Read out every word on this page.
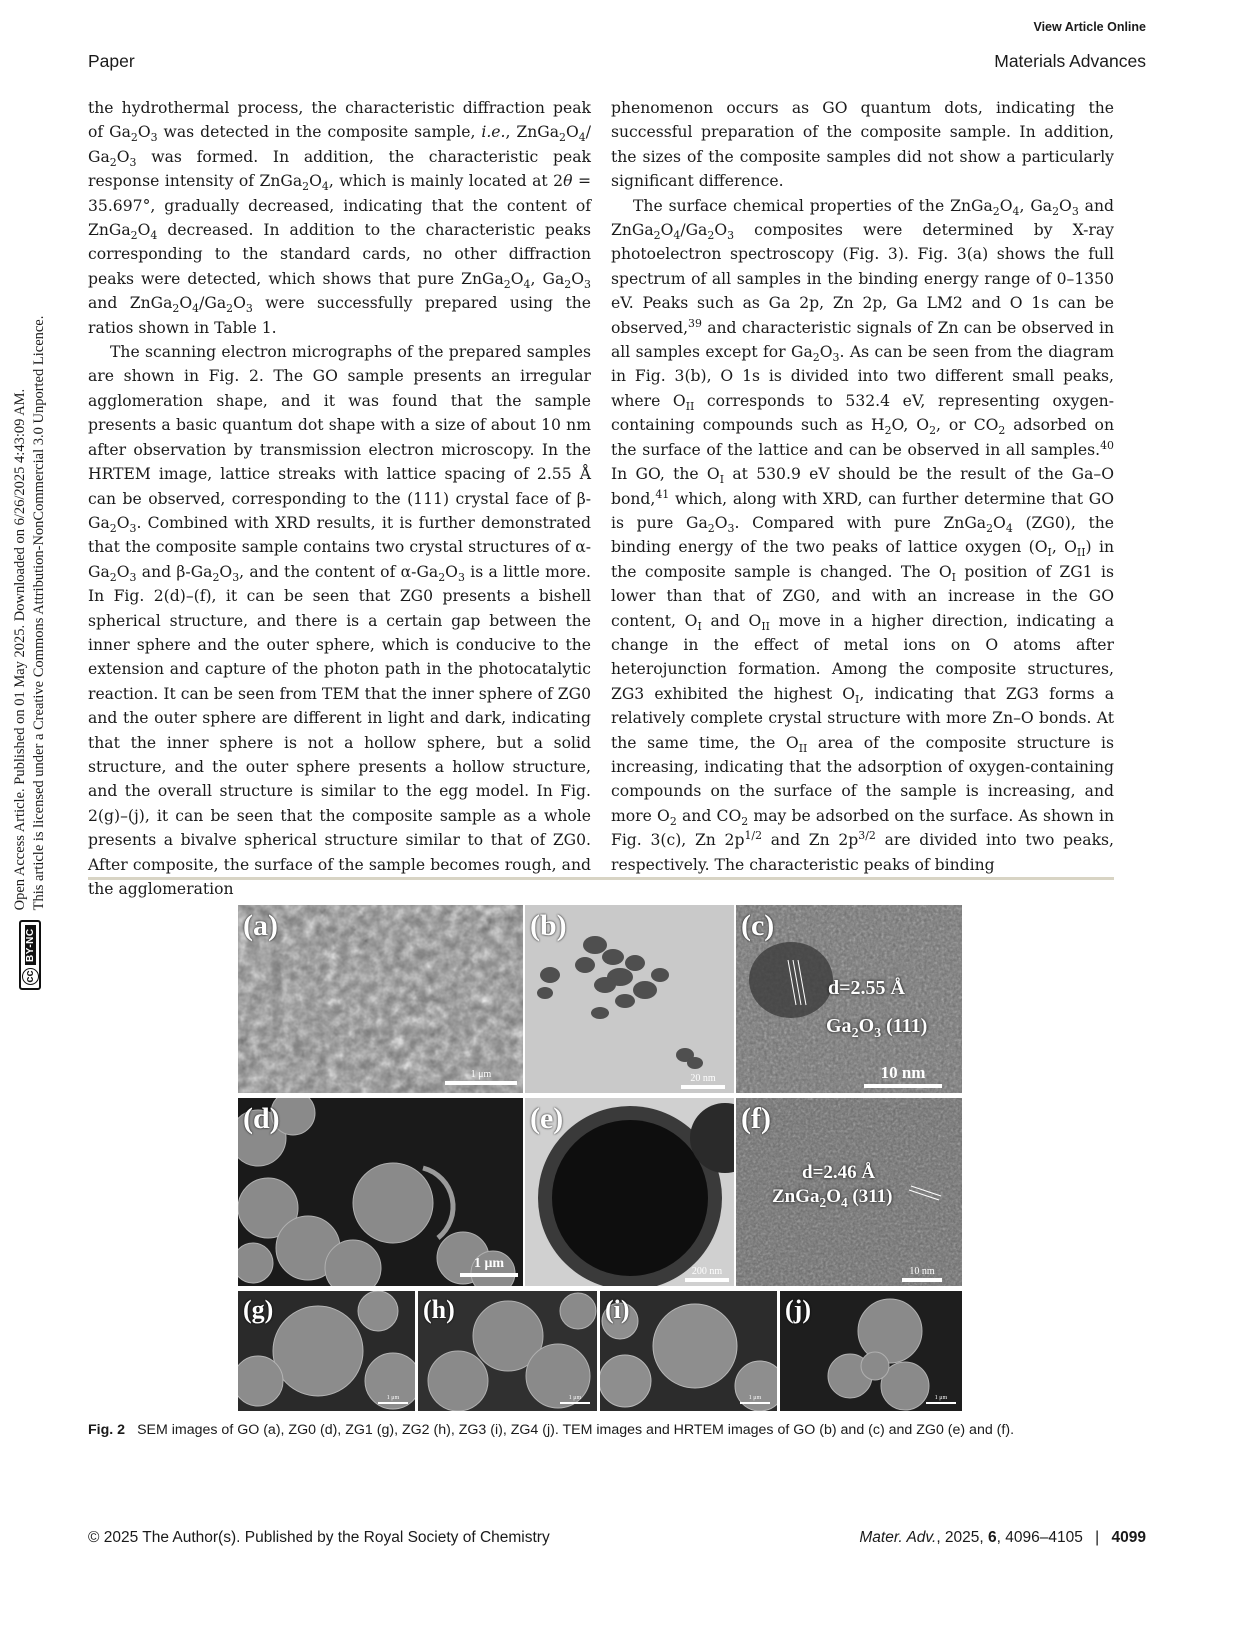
View Article Online
Paper	Materials Advances
cc
BY-NC
Open Access Article. Published on 01 May 2025. Downloaded on 6/26/2025 4:43:09 AM. This article is licensed under a Creative Commons Attribution-NonCommercial 3.0 Unported Licence.

the hydrothermal process, the characteristic diffraction peak of $Ga_2O_3$ was detected in the composite sample, i.e., $ZnGa_2O_4/$ $Ga_2O_3$ was formed. In addition, the characteristic peak response intensity of $ZnGa_2O_4$, which is mainly located at 2θ = 35.697°, gradually decreased, indicating that the content of $ZnGa_2O_4$ decreased. In addition to the characteristic peaks corresponding to the standard cards, no other diffraction peaks were detected, which shows that pure $ZnGa_2O_4$, $Ga_2O_3$ and $ZnGa_2O_4/Ga_2O_3$ were successfully prepared using the ratios shown in Table 1.

The scanning electron micrographs of the prepared samples are shown in Fig. 2. The GO sample presents an irregular agglomeration shape, and it was found that the sample presents a basic quantum dot shape with a size of about 10 nm after observation by transmission electron microscopy. In the HRTEM image, lattice streaks with lattice spacing of 2.55 Å can be observed, corresponding to the (111) crystal face of $\beta-Ga_2O_3$. Combined with XRD results, it is further demonstrated that the composite sample contains two crystal structures of $\alpha-Ga_2O_3$ and $\beta-Ga_2O_3$, and the content of $\alpha-Ga_2O_3$ is a little more. In Fig. 2(d)–(f), it can be seen that ZG0 presents a bishell spherical structure, and there is a certain gap between the inner sphere and the outer sphere, which is conducive to the extension and capture of the photon path in the photocatalytic reaction. It can be seen from TEM that the inner sphere of ZG0 and the outer sphere are different in light and dark, indicating that the inner sphere is not a hollow sphere, but a solid structure, and the outer sphere presents a hollow structure, and the overall structure is similar to the egg model. In Fig. 2(g)–(j), it can be seen that the composite sample as a whole presents a bivalve spherical structure similar to that of ZG0. After composite, the surface of the sample becomes rough, and the agglomeration

phenomenon occurs as GO quantum dots, indicating the successful preparation of the composite sample. In addition, the sizes of the composite samples did not show a particularly significant difference.

The surface chemical properties of the $ZnGa_2O_4$, $Ga_2O_3$ and $ZnGa_2O_4/Ga_2O_3$ composites were determined by X-ray photoelectron spectroscopy (Fig. 3). Fig. 3(a) shows the full spectrum of all samples in the binding energy range of 0–1350 eV. Peaks such as Ga 2p, Zn 2p, Ga LM2 and O 1s can be observed,$^{39}$ and characteristic signals of Zn can be observed in all samples except for $Ga_2O_3$. As can be seen from the diagram in Fig. 3(b), O 1s is divided into two different small peaks, where $O_{II}$ corresponds to 532.4 eV, representing oxygen-containing compounds such as $H_2O$, $O_2$, or $CO_2$ adsorbed on the surface of the lattice and can be observed in all samples.$^{40}$ In GO, the $O_I$ at 530.9 eV should be the result of the Ga–O bond,$^{41}$ which, along with XRD, can further determine that GO is pure $Ga_2O_3$. Compared with pure $ZnGa_2O_4$ (ZG0), the binding energy of the two peaks of lattice oxygen ($O_I$, $O_{II}$) in the composite sample is changed. The $O_I$ position of ZG1 is lower than that of ZG0, and with an increase in the GO content, $O_I$ and $O_{II}$ move in a higher direction, indicating a change in the effect of metal ions on O atoms after heterojunction formation. Among the composite structures, ZG3 exhibited the highest $O_I$, indicating that ZG3 forms a relatively complete crystal structure with more Zn–O bonds. At the same time, the $O_{II}$ area of the composite structure is increasing, indicating that the adsorption of oxygen-containing compounds on the surface of the sample is increasing, and more $O_2$ and $CO_2$ may be adsorbed on the surface. As shown in Fig. 3(c), Zn $2p^{1/2}$ and Zn $2p^{3/2}$ are divided into two peaks, respectively. The characteristic peaks of binding

(a)
1 μm
(b)
20 nm
(c)
d=2.55 Å
$Ga_2O_3$ (111)
10 nm
(d)
1 μm
(e)
200 nm
(f)
d=2.46 Å
$ZnGa_2O_4$ (311)
10 nm
(g)
1 μm
(h)
1 μm
(i)
1 μm
(j)
1 μm
Fig. 2 SEM images of GO (a), ZG0 (d), ZG1 (g), ZG2 (h), ZG3 (i), ZG4 (j). TEM images and HRTEM images of GO (b) and (c) and ZG0 (e) and (f).
© 2025 The Author(s). Published by the Royal Society of Chemistry	Mater. Adv., 2025, 6, 4096–4105 | 4099
